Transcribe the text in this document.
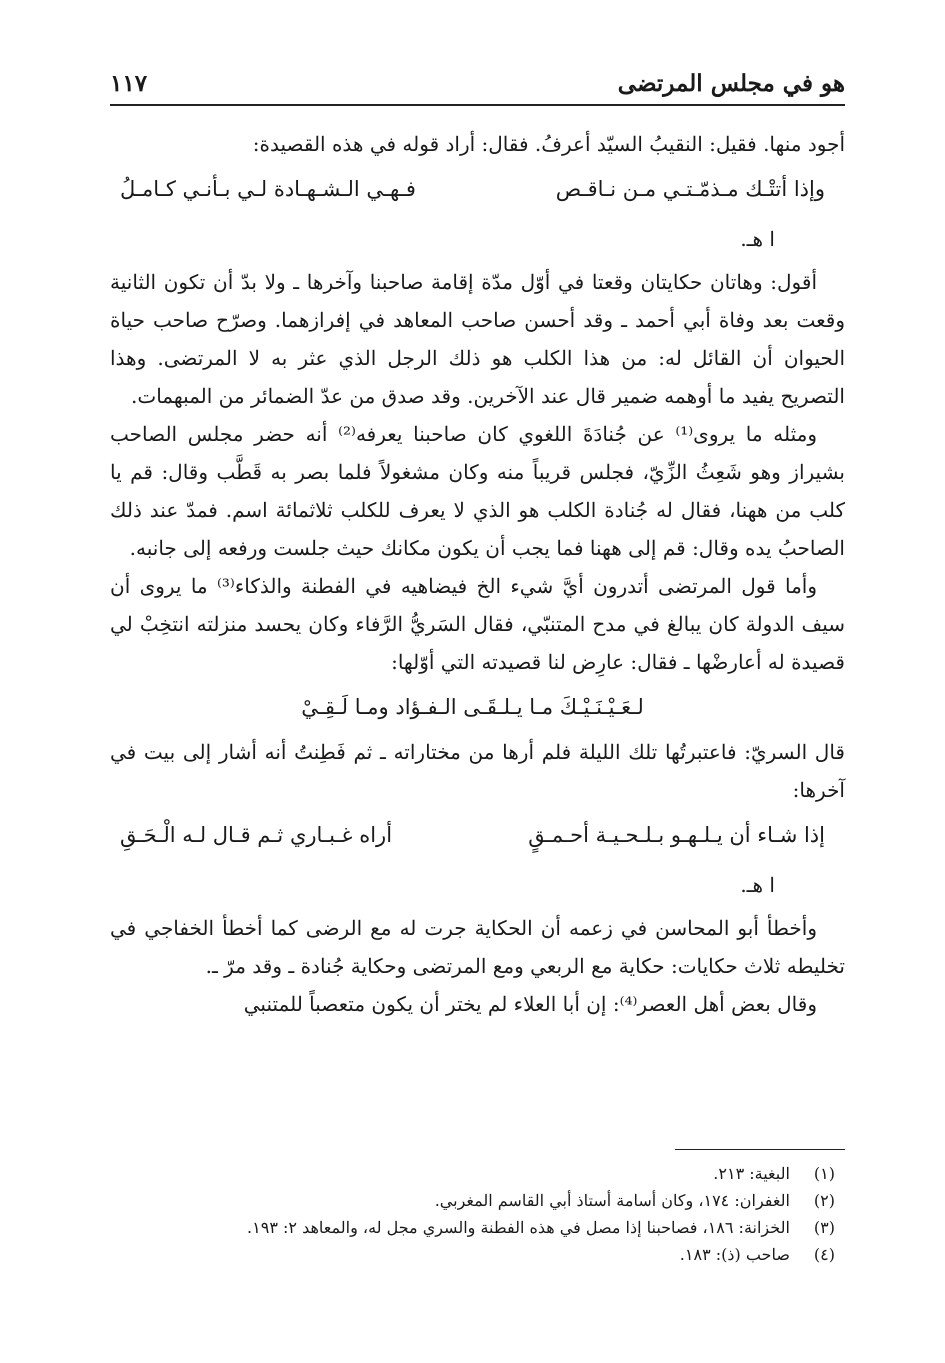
هو في مجلس المرتضى
١١٧

أجود منها. فقيل: النقيبُ السيّد أعرفُ. فقال: أراد قوله في هذه القصيدة:

وإذا أتتْـك مـذمّـتـي مـن نـاقـص
فـهـي الـشـهـادة لـي بـأنـي كـامـلُ
ا هـ.

أقول: وهاتان حكايتان وقعتا في أوّل مدّة إقامة صاحبنا وآخرها ـ ولا بدّ أن تكون الثانية وقعت بعد وفاة أبي أحمد ـ وقد أحسن صاحب المعاهد في إفرازهما. وصرّح صاحب حياة الحيوان أن القائل له: من هذا الكلب هو ذلك الرجل الذي عثر به لا المرتضى. وهذا التصريح يفيد ما أوهمه ضمير قال عند الآخرين. وقد صدق من عدّ الضمائر من المبهمات.

ومثله ما يروى⁽¹⁾ عن جُنادَةَ اللغوي كان صاحبنا يعرفه⁽²⁾ أنه حضر مجلس الصاحب بشيراز وهو شَعِثُ الزِّيّ، فجلس قريباً منه وكان مشغولاً فلما بصر به قَطَّب وقال: قم يا كلب من ههنا، فقال له جُنادة الكلب هو الذي لا يعرف للكلب ثلاثمائة اسم. فمدّ عند ذلك الصاحبُ يده وقال: قم إلى ههنا فما يجب أن يكون مكانك حيث جلست ورفعه إلى جانبه.

وأما قول المرتضى أتدرون أيَّ شيء الخ فيضاهيه في الفطنة والذكاء⁽³⁾ ما يروى أن سيف الدولة كان يبالغ في مدح المتنبّي، فقال السَريُّ الرَّفاء وكان يحسد منزلته انتخِبْ لي قصيدة له أعارضْها ـ فقال: عارِض لنا قصيدته التي أوّلها:

لـعَـيْـنَـيْـكَ مـا يـلـقَـى الـفـؤاد ومـا لَـقِـيْ

قال السريّ: فاعتبرتُها تلك الليلة فلم أرها من مختاراته ـ ثم فَطِنتُ أنه أشار إلى بيت في آخرها:

إذا شـاء أن يـلـهـو بـلـحـيـة أحـمـقٍ
أراه غـبـاري ثـم قـال لـه الْـحَـقِ
ا هـ.

وأخطأ أبو المحاسن في زعمه أن الحكاية جرت له مع الرضى كما أخطأ الخفاجي في تخليطه ثلاث حكايات: حكاية مع الربعي ومع المرتضى وحكاية جُنادة ـ وقد مرّ ـ.

وقال بعض أهل العصر⁽⁴⁾: إن أبا العلاء لم يختر أن يكون متعصباً للمتنبي

(١) البغية: ٢١٣.
(٢) الغفران: ١٧٤، وكان أسامة أستاذ أبي القاسم المغربي.
(٣) الخزانة: ١٨٦، فصاحبنا إذا مصل في هذه الفطنة والسري مجل له، والمعاهد ٢: ١٩٣.
(٤) صاحب (ذ): ١٨٣.
